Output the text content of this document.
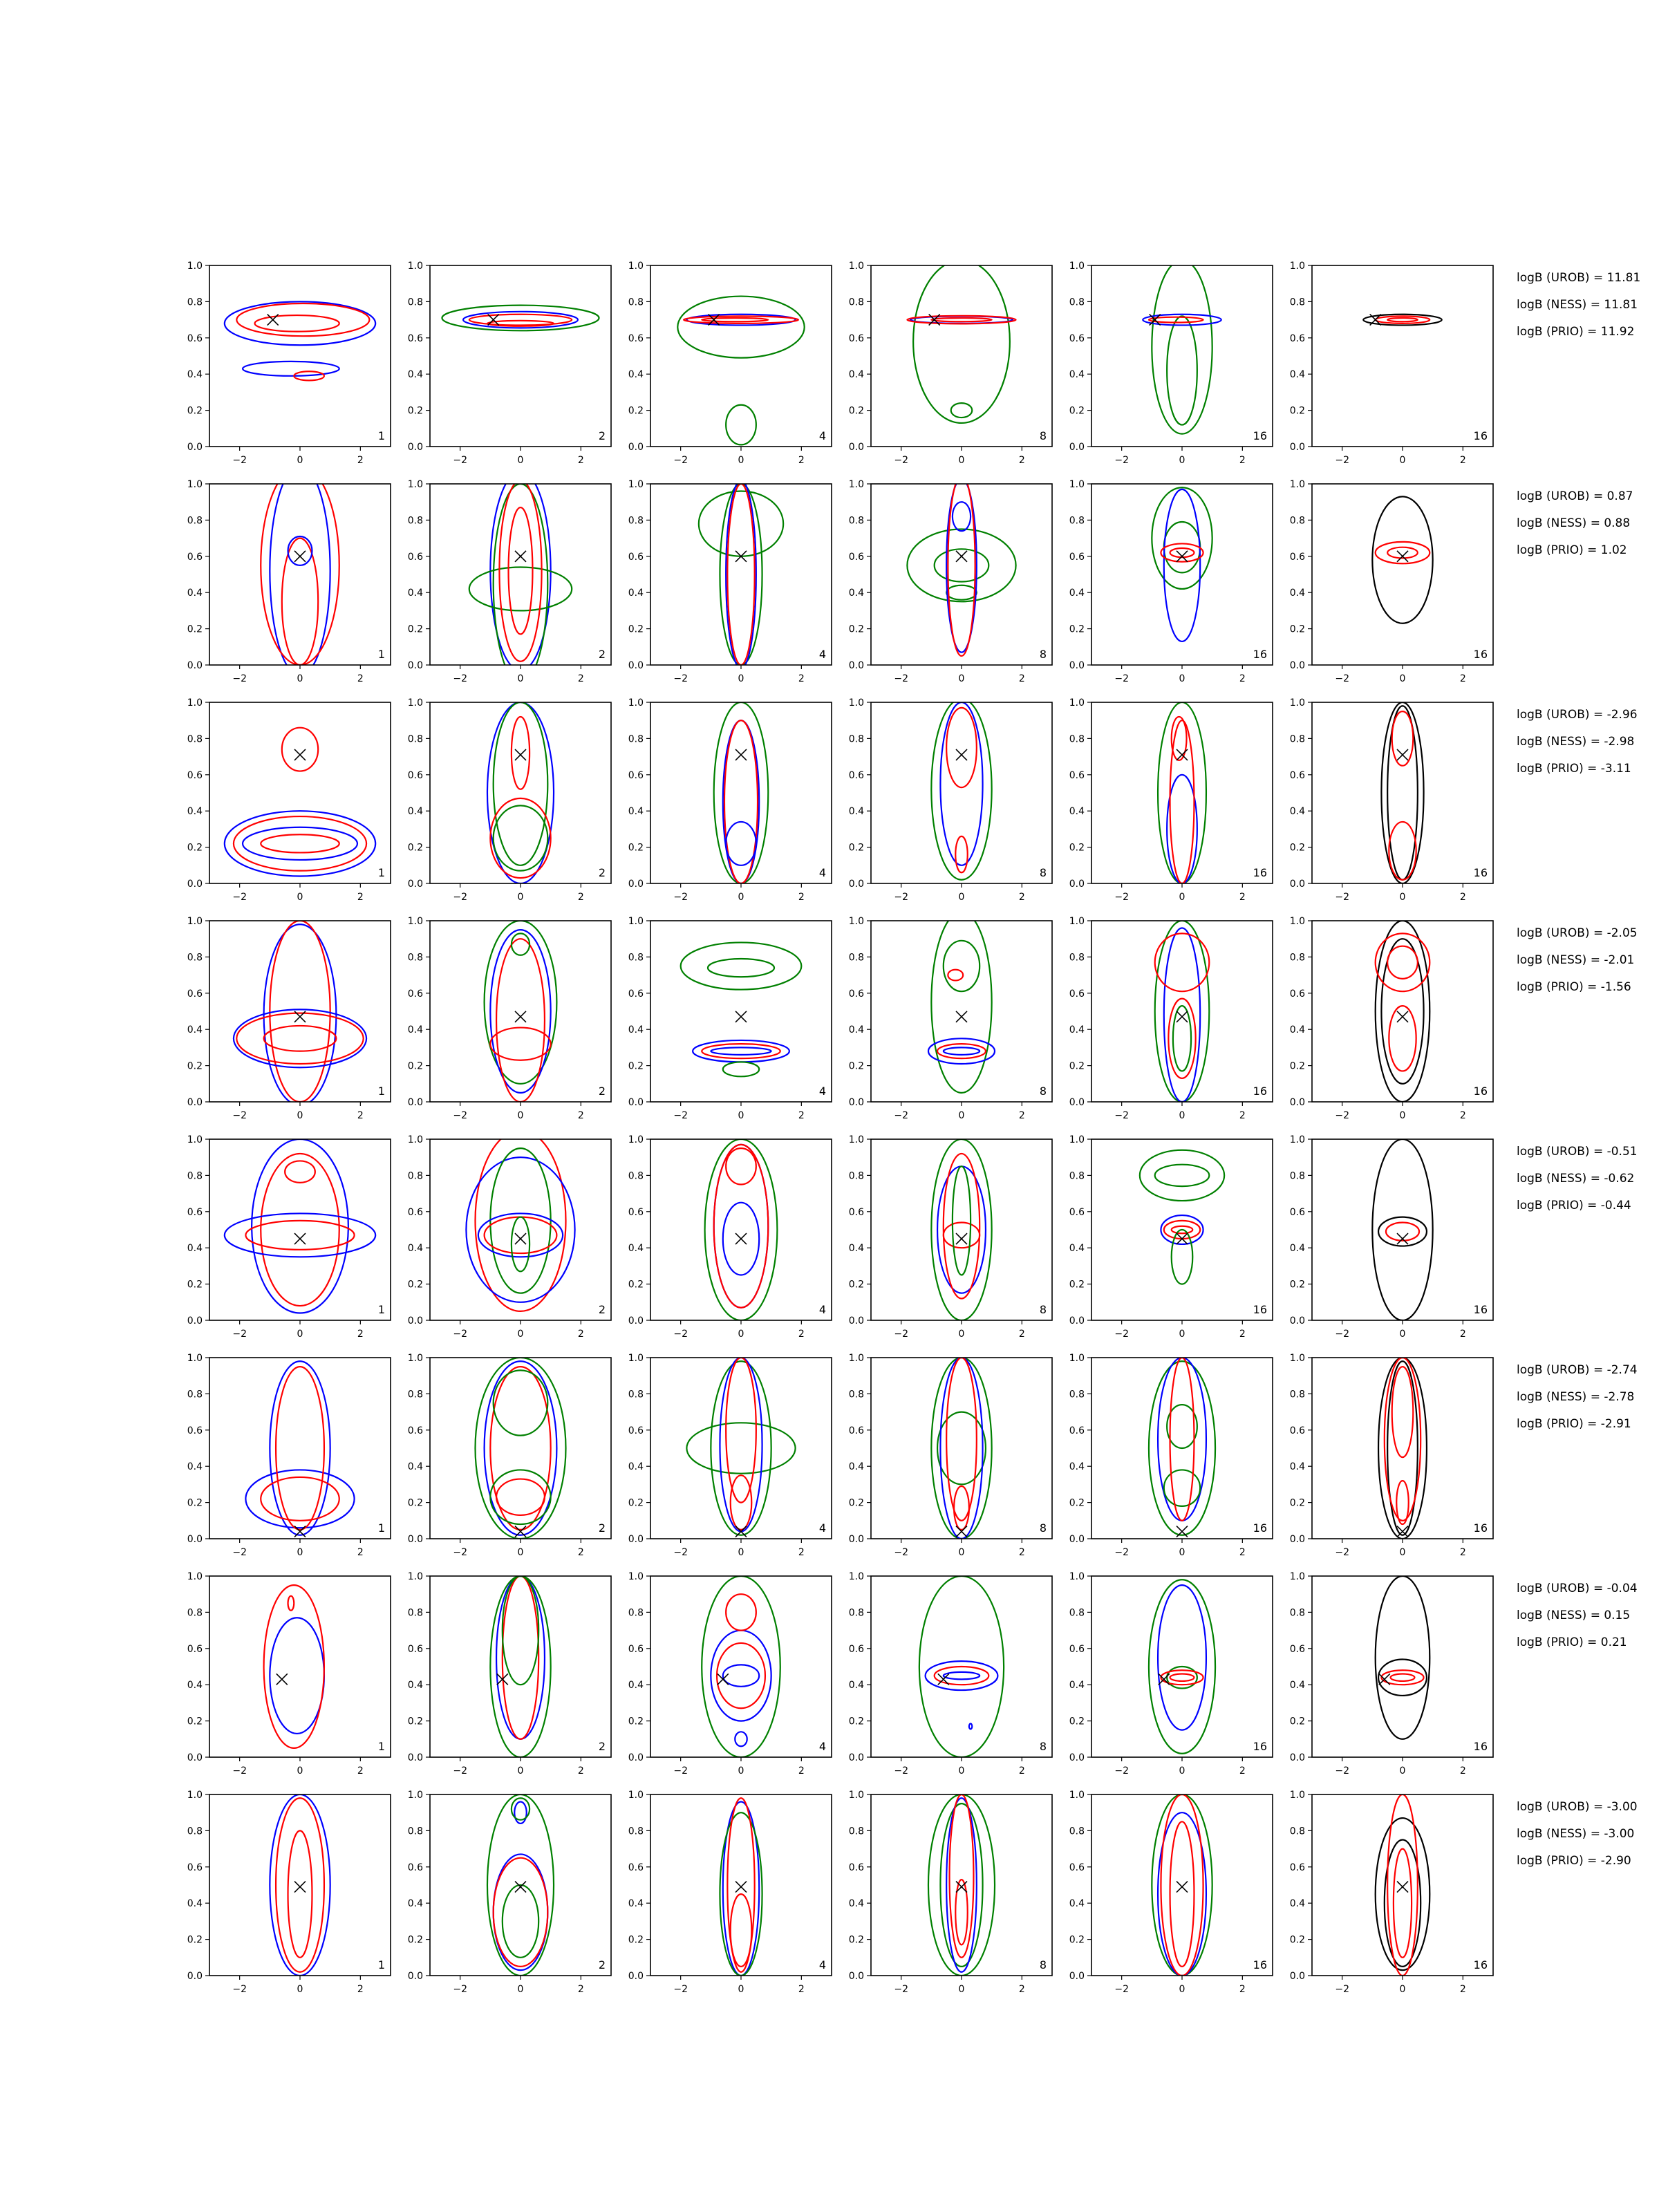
0.0
0.2
0.4
0.6
0.8
1.0
−2	0	2
1
0.0
0.2
0.4
0.6
0.8
1.0
−2	0	2
2
0.0
0.2
0.4
0.6
0.8
1.0
−2	0	2
4
0.0
0.2
0.4
0.6
0.8
1.0
−2	0	2
8
0.0
0.2
0.4
0.6
0.8
1.0
−2	0	2
16
0.0
0.2
0.4
0.6
0.8
1.0
−2	0	2
16
0.0
0.2
0.4
0.6
0.8
1.0
−2	0	2
1
0.0
0.2
0.4
0.6
0.8
1.0
−2	0	2
2
0.0
0.2
0.4
0.6
0.8
1.0
−2	0	2
4
0.0
0.2
0.4
0.6
0.8
1.0
−2	0	2
8
0.0
0.2
0.4
0.6
0.8
1.0
−2	0	2
16
0.0
0.2
0.4
0.6
0.8
1.0
−2	0	2
16
0.0
0.2
0.4
0.6
0.8
1.0
−2	0	2
1
0.0
0.2
0.4
0.6
0.8
1.0
−2	0	2
2
0.0
0.2
0.4
0.6
0.8
1.0
−2	0	2
4
0.0
0.2
0.4
0.6
0.8
1.0
−2	0	2
8
0.0
0.2
0.4
0.6
0.8
1.0
−2	0	2
16
0.0
0.2
0.4
0.6
0.8
1.0
−2	0	2
16
0.0
0.2
0.4
0.6
0.8
1.0
−2	0	2
1
0.0
0.2
0.4
0.6
0.8
1.0
−2	0	2
2
0.0
0.2
0.4
0.6
0.8
1.0
−2	0	2
4
0.0
0.2
0.4
0.6
0.8
1.0
−2	0	2
8
0.0
0.2
0.4
0.6
0.8
1.0
−2	0	2
16
0.0
0.2
0.4
0.6
0.8
1.0
−2	0	2
16
0.0
0.2
0.4
0.6
0.8
1.0
−2	0	2
1
0.0
0.2
0.4
0.6
0.8
1.0
−2	0	2
2
0.0
0.2
0.4
0.6
0.8
1.0
−2	0	2
4
0.0
0.2
0.4
0.6
0.8
1.0
−2	0	2
8
0.0
0.2
0.4
0.6
0.8
1.0
−2	0	2
16
0.0
0.2
0.4
0.6
0.8
1.0
−2	0	2
16
0.0
0.2
0.4
0.6
0.8
1.0
−2	0	2
1
0.0
0.2
0.4
0.6
0.8
1.0
−2	0	2
2
0.0
0.2
0.4
0.6
0.8
1.0
−2	0	2
4
0.0
0.2
0.4
0.6
0.8
1.0
−2	0	2
8
0.0
0.2
0.4
0.6
0.8
1.0
−2	0	2
16
0.0
0.2
0.4
0.6
0.8
1.0
−2	0	2
16
0.0
0.2
0.4
0.6
0.8
1.0
−2	0	2
1
0.0
0.2
0.4
0.6
0.8
1.0
−2	0	2
2
0.0
0.2
0.4
0.6
0.8
1.0
−2	0	2
4
0.0
0.2
0.4
0.6
0.8
1.0
−2	0	2
8
0.0
0.2
0.4
0.6
0.8
1.0
−2	0	2
16
0.0
0.2
0.4
0.6
0.8
1.0
−2	0	2
16
0.0
0.2
0.4
0.6
0.8
1.0
−2	0	2
1
0.0
0.2
0.4
0.6
0.8
1.0
−2	0	2
2
0.0
0.2
0.4
0.6
0.8
1.0
−2	0	2
4
0.0
0.2
0.4
0.6
0.8
1.0
−2	0	2
8
0.0
0.2
0.4
0.6
0.8
1.0
−2	0	2
16
0.0
0.2
0.4
0.6
0.8
1.0
−2	0	2
16
logB (UROB) = 11.81
logB (NESS) = 11.81
logB (PRIO) = 11.92
logB (UROB) = 0.87
logB (NESS) = 0.88
logB (PRIO) = 1.02
logB (UROB) = -2.96
logB (NESS) = -2.98
logB (PRIO) = -3.11
logB (UROB) = -2.05
logB (NESS) = -2.01
logB (PRIO) = -1.56
logB (UROB) = -0.51
logB (NESS) = -0.62
logB (PRIO) = -0.44
logB (UROB) = -2.74
logB (NESS) = -2.78
logB (PRIO) = -2.91
logB (UROB) = -0.04
logB (NESS) = 0.15
logB (PRIO) = 0.21
logB (UROB) = -3.00
logB (NESS) = -3.00
logB (PRIO) = -2.90
